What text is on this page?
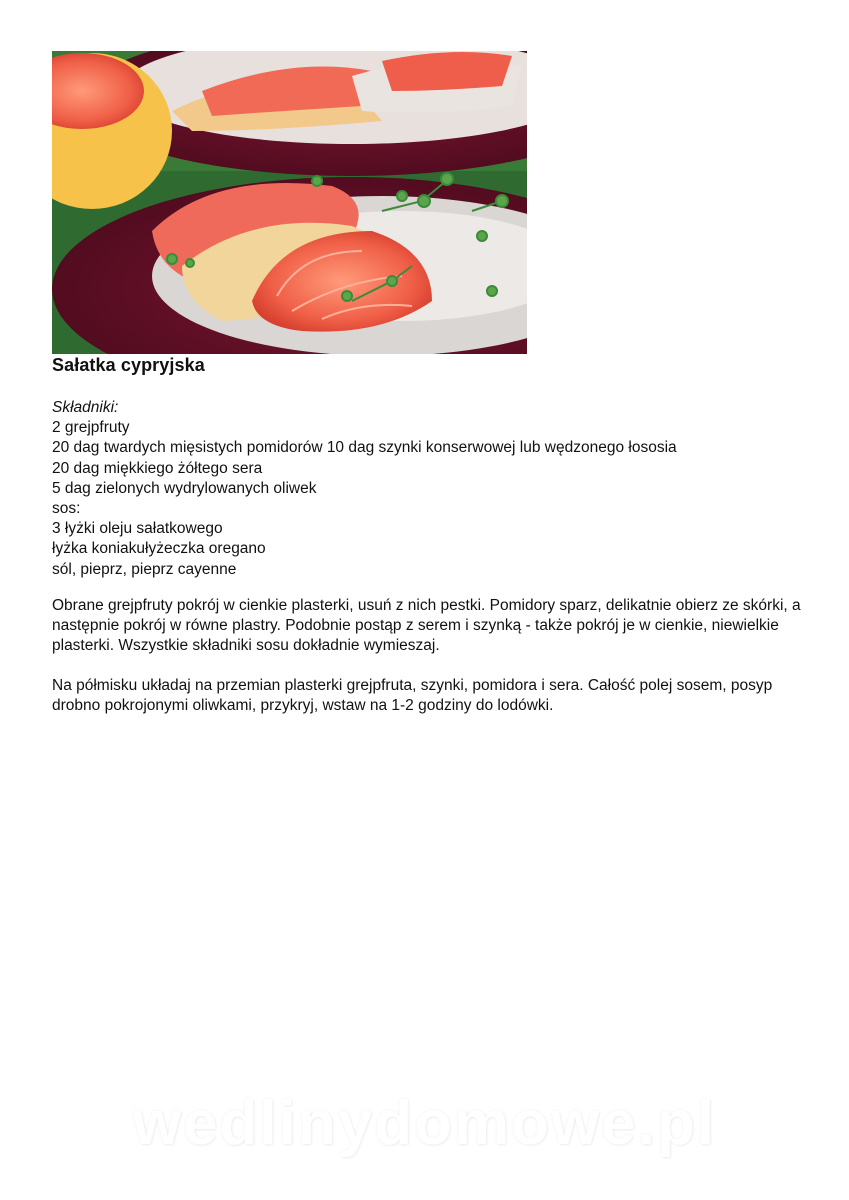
Sałatka cypryjska
Składniki:
2 grejpfruty
20 dag twardych mięsistych pomidorów 10 dag szynki konserwowej lub wędzonego łososia
20 dag miękkiego żółtego sera
5 dag zielonych wydrylowanych oliwek
sos:
3 łyżki oleju sałatkowego
łyżka koniakułyżeczka oregano
sól, pieprz, pieprz cayenne
Obrane grejpfruty pokrój w cienkie plasterki, usuń z nich pestki. Pomidory sparz, delikatnie obierz ze skórki, a następnie pokrój w równe plastry. Podobnie postąp z serem i szynką - także pokrój je w cienkie, niewielkie plasterki. Wszystkie składniki sosu dokładnie wymieszaj.
Na półmisku układaj na przemian plasterki grejpfruta, szynki, pomidora i sera. Całość polej sosem, posyp drobno pokrojonymi oliwkami, przykryj, wstaw na 1-2 godziny do lodówki.
wedlinydomowe.pl
